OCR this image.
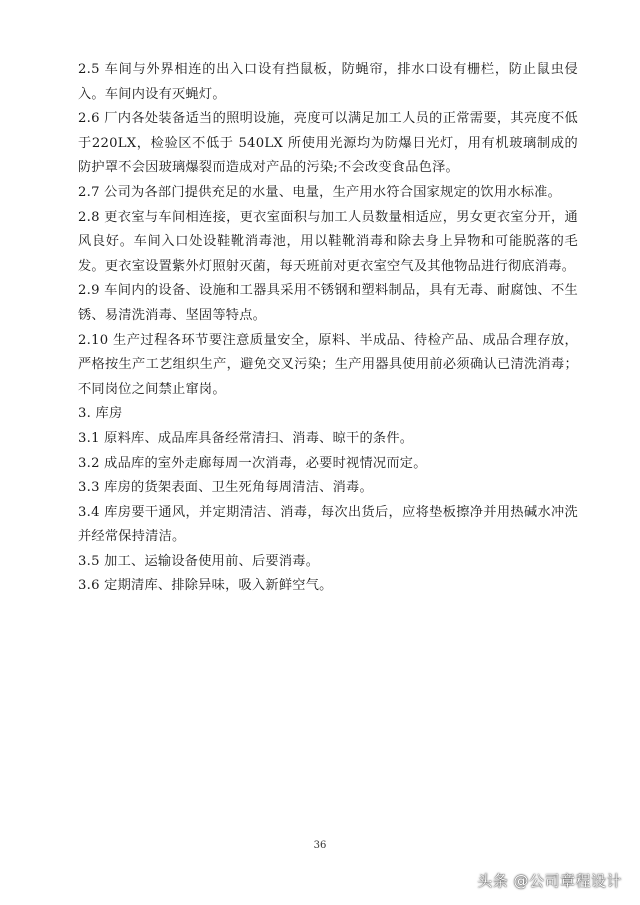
2.5 车间与外界相连的出入口设有挡鼠板，防蝇帘，排水口设有栅栏，防止鼠虫侵入。车间内设有灭蝇灯。

2.6 厂内各处装备适当的照明设施，亮度可以满足加工人员的正常需要，其亮度不低于220LX，检验区不低于 540LX 所使用光源均为防爆日光灯，用有机玻璃制成的防护罩不会因玻璃爆裂而造成对产品的污染;不会改变食品色泽。

2.7 公司为各部门提供充足的水量、电量，生产用水符合国家规定的饮用水标准。

2.8 更衣室与车间相连接，更衣室面积与加工人员数量相适应，男女更衣室分开，通风良好。车间入口处设鞋靴消毒池，用以鞋靴消毒和除去身上异物和可能脱落的毛发。更衣室设置紫外灯照射灭菌，每天班前对更衣室空气及其他物品进行彻底消毒。

2.9 车间内的设备、设施和工器具采用不锈钢和塑料制品，具有无毒、耐腐蚀、不生锈、易清洗消毒、坚固等特点。

2.10 生产过程各环节要注意质量安全，原料、半成品、待检产品、成品合理存放，严格按生产工艺组织生产，避免交叉污染；生产用器具使用前必须确认已清洗消毒；不同岗位之间禁止窜岗。

3. 库房

3.1 原料库、成品库具备经常清扫、消毒、晾干的条件。

3.2 成品库的室外走廊每周一次消毒，必要时视情况而定。

3.3 库房的货架表面、卫生死角每周清洁、消毒。

3.4 库房要干通风，并定期清洁、消毒，每次出货后，应将垫板擦净并用热碱水冲洗并经常保持清洁。

3.5 加工、运输设备使用前、后要消毒。

3.6 定期清库、排除异味，吸入新鲜空气。

36
头条 @公司章程设计
